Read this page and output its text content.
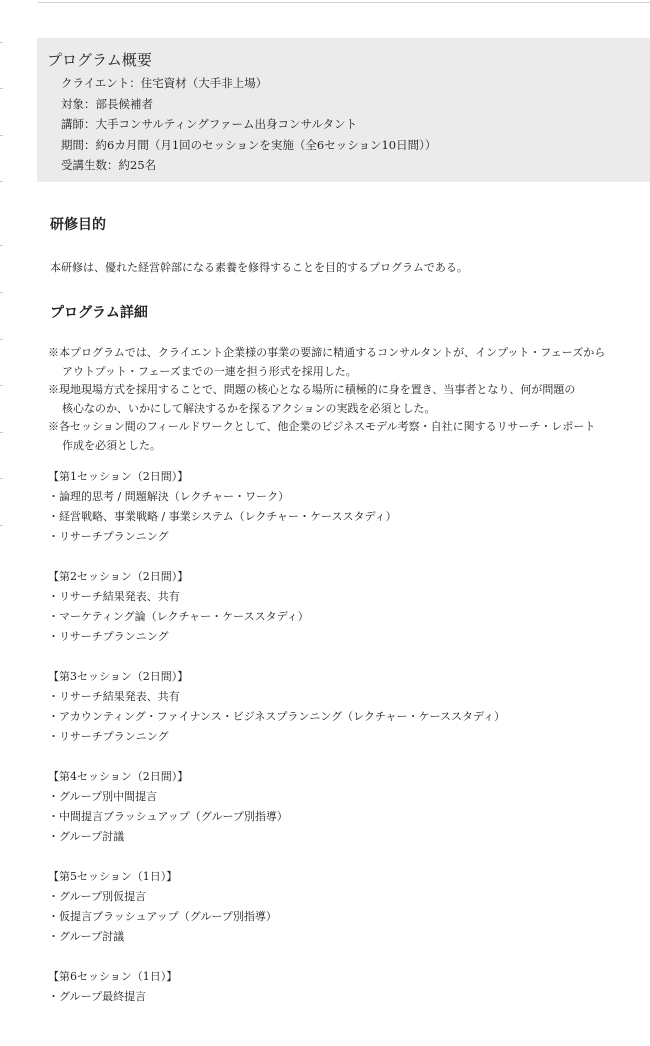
プログラム概要
クライエント：住宅資材（大手非上場）
対象：部長候補者
講師：大手コンサルティングファーム出身コンサルタント
期間：約6カ月間（月1回のセッションを実施（全6セッション10日間））
受講生数：約25名
研修目的

本研修は、優れた経営幹部になる素養を修得することを目的するプログラムである。

プログラム詳細

※本プログラムでは、クライエント企業様の事業の要諦に精通するコンサルタントが、インプット・フェーズから
アウトプット・フェーズまでの一連を担う形式を採用した。

※現地現場方式を採用することで、問題の核心となる場所に積極的に身を置き、当事者となり、何が問題の
核心なのか、いかにして解決するかを探るアクションの実践を必須とした。

※各セッション間のフィールドワークとして、他企業のビジネスモデル考察・自社に関するリサーチ・レポート
作成を必須とした。

【第1セッション（2日間）】
・論理的思考 / 問題解決（レクチャー・ワーク）
・経営戦略、事業戦略 / 事業システム（レクチャー・ケーススタディ）
・リサーチプランニング
【第2セッション（2日間）】
・リサーチ結果発表、共有
・マーケティング論（レクチャー・ケーススタディ）
・リサーチプランニング
【第3セッション（2日間）】
・リサーチ結果発表、共有
・アカウンティング・ファイナンス・ビジネスプランニング（レクチャー・ケーススタディ）
・リサーチプランニング
【第4セッション（2日間）】
・グループ別中間提言
・中間提言ブラッシュアップ（グループ別指導）
・グループ討議
【第5セッション（1日）】
・グループ別仮提言
・仮提言ブラッシュアップ（グループ別指導）
・グループ討議
【第6セッション（1日）】
・グループ最終提言
